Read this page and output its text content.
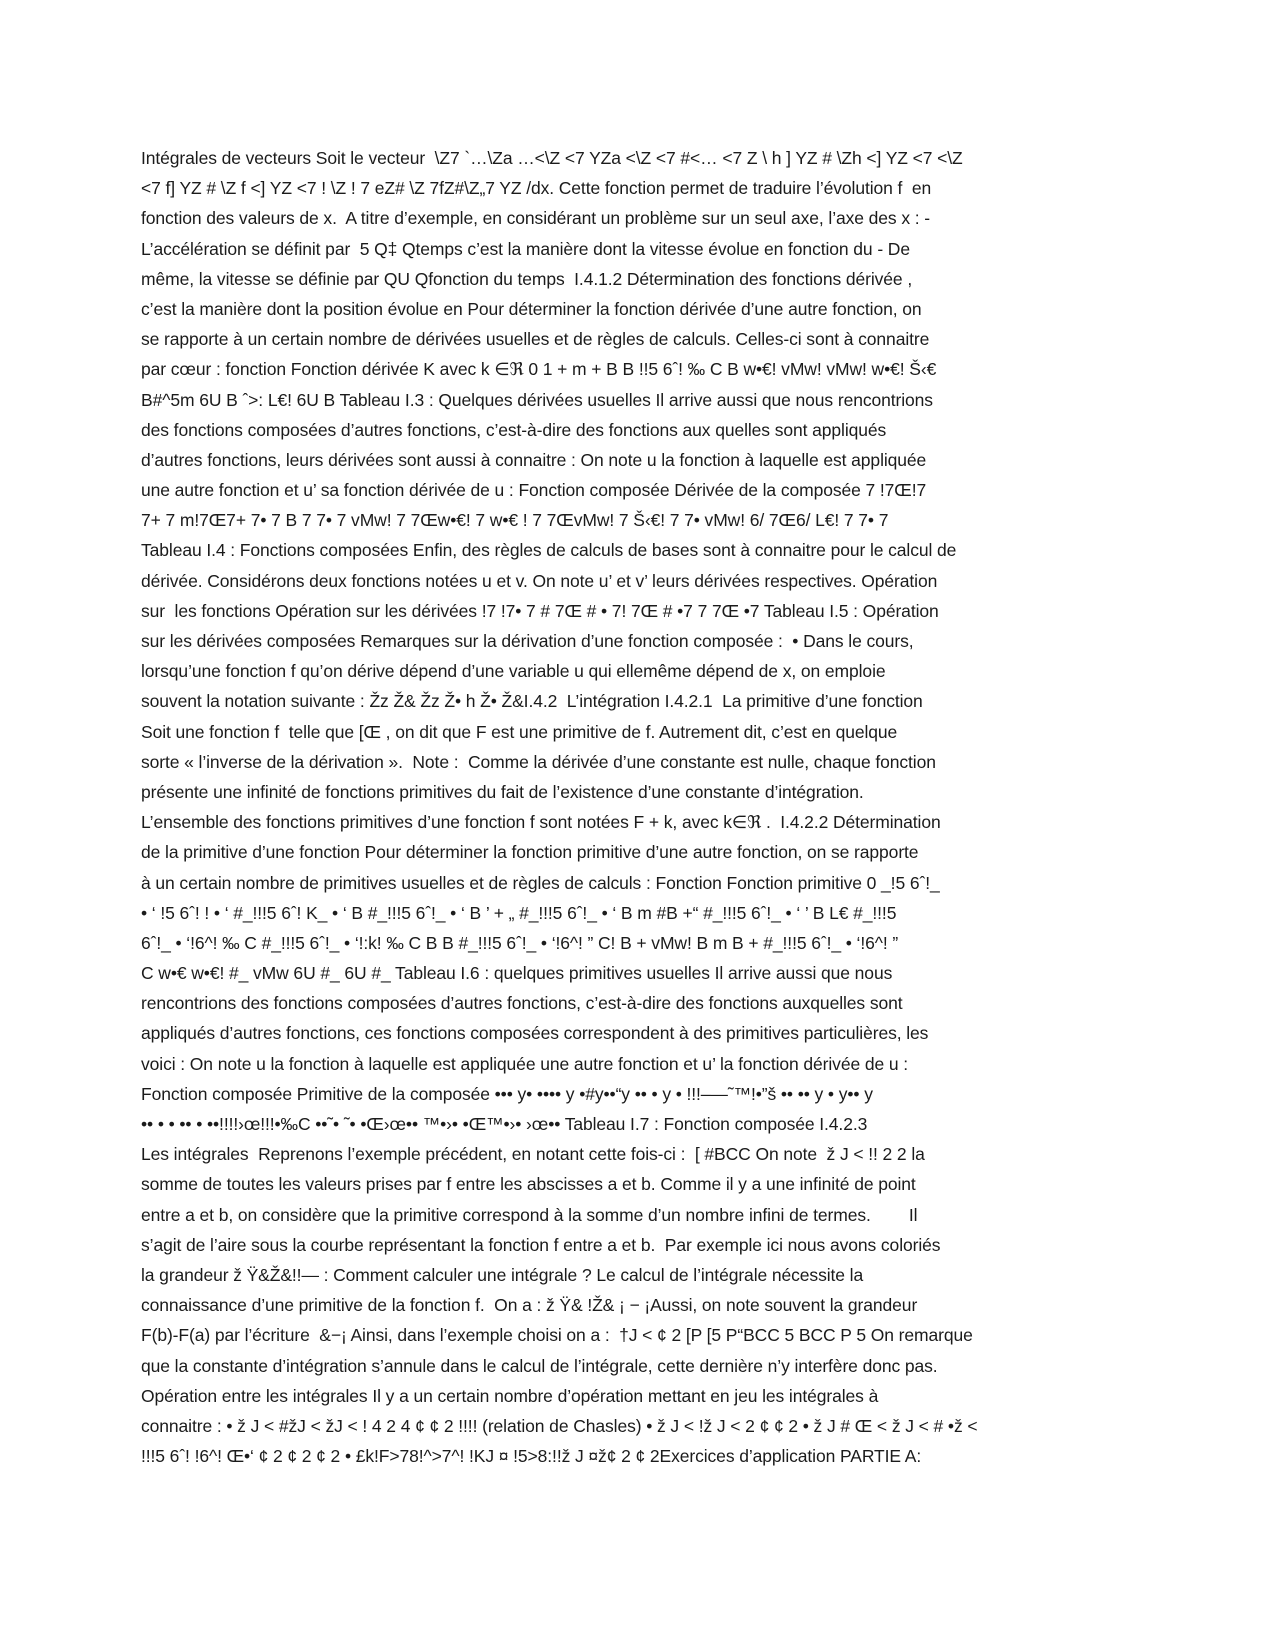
Intégrales de vecteurs Soit le vecteur  \Z7 `…\Za …<\Z <7 YZa <\Z <7 #<… <7 Z \ h ] YZ # \Zh <] YZ <7 <\Z
<7 f] YZ # \Z f <] YZ <7 ! \Z ! 7 eZ# \Z 7fZ#\Z„7 YZ /dx. Cette fonction permet de traduire l’évolution f  en
fonction des valeurs de x.  A titre d’exemple, en considérant un problème sur un seul axe, l’axe des x : -
L’accélération se définit par  5 Q‡ Qtemps c’est la manière dont la vitesse évolue en fonction du - De
même, la vitesse se définie par QU Qfonction du temps  I.4.1.2 Détermination des fonctions dérivée ,
c’est la manière dont la position évolue en Pour déterminer la fonction dérivée d’une autre fonction, on
se rapporte à un certain nombre de dérivées usuelles et de règles de calculs. Celles-ci sont à connaitre
par cœur : fonction Fonction dérivée K avec k ∈ℜ 0 1 + m + B B !!5 6ˆ! ‰ C B w•€! vMw! vMw! w•€! Š‹€
B#^5m 6U B ˆ>: L€! 6U B Tableau I.3 : Quelques dérivées usuelles Il arrive aussi que nous rencontrions
des fonctions composées d’autres fonctions, c’est-à-dire des fonctions aux quelles sont appliqués
d’autres fonctions, leurs dérivées sont aussi à connaitre : On note u la fonction à laquelle est appliquée
une autre fonction et u’ sa fonction dérivée de u : Fonction composée Dérivée de la composée 7 !7Œ!7
7+ 7 m!7Œ7+ 7• 7 B 7 7• 7 vMw! 7 7Œw•€! 7 w•€ ! 7 7ŒvMw! 7 Š‹€! 7 7• vMw! 6/ 7Œ6/ L€! 7 7• 7
Tableau I.4 : Fonctions composées Enfin, des règles de calculs de bases sont à connaitre pour le calcul de
dérivée. Considérons deux fonctions notées u et v. On note u’ et v’ leurs dérivées respectives. Opération
sur  les fonctions Opération sur les dérivées !7 !7• 7 # 7Œ # • 7! 7Œ # •7 7 7Œ •7 Tableau I.5 : Opération
sur les dérivées composées Remarques sur la dérivation d’une fonction composée :  • Dans le cours,
lorsqu’une fonction f qu’on dérive dépend d’une variable u qui ellemême dépend de x, on emploie
souvent la notation suivante : Žz Ž& Žz Ž• h Ž• Ž&I.4.2  L’intégration I.4.2.1  La primitive d’une fonction
Soit une fonction f  telle que [Œ , on dit que F est une primitive de f. Autrement dit, c’est en quelque
sorte « l’inverse de la dérivation ».  Note :  Comme la dérivée d’une constante est nulle, chaque fonction
présente une infinité de fonctions primitives du fait de l’existence d’une constante d’intégration.
L’ensemble des fonctions primitives d’une fonction f sont notées F + k, avec k∈ℜ .  I.4.2.2 Détermination
de la primitive d’une fonction Pour déterminer la fonction primitive d’une autre fonction, on se rapporte
à un certain nombre de primitives usuelles et de règles de calculs : Fonction Fonction primitive 0 _!5 6ˆ!_
• ‘ !5 6ˆ! ! • ‘ #_!!!5 6ˆ! K_ • ‘ B #_!!!5 6ˆ!_ • ‘ B ’ + „ #_!!!5 6ˆ!_ • ‘ B m #B +“ #_!!!5 6ˆ!_ • ‘ ’ B L€ #_!!!5
6ˆ!_ • ‘!6^! ‰ C #_!!!5 6ˆ!_ • ‘!:k! ‰ C B B #_!!!5 6ˆ!_ • ‘!6^! ” C! B + vMw! B m B + #_!!!5 6ˆ!_ • ‘!6^! ”
C w•€ w•€! #_ vMw 6U #_ 6U #_ Tableau I.6 : quelques primitives usuelles Il arrive aussi que nous
rencontrions des fonctions composées d’autres fonctions, c’est-à-dire des fonctions auxquelles sont
appliqués d’autres fonctions, ces fonctions composées correspondent à des primitives particulières, les
voici : On note u la fonction à laquelle est appliquée une autre fonction et u’ la fonction dérivée de u :
Fonction composée Primitive de la composée ••• y• •••• y •#y••“y •• • y • !!!–—˜™!•”š •• •• y • y•• y
•• • • •• • ••!!!!›œ!!!•‰C ••˜• ˜• •Œ›œ•• ™•›• •Œ™•›• ›œ•• Tableau I.7 : Fonction composée I.4.2.3
Les intégrales  Reprenons l’exemple précédent, en notant cette fois-ci :  [ #BCC On note  ž J < !! 2 2 la
somme de toutes les valeurs prises par f entre les abscisses a et b. Comme il y a une infinité de point
entre a et b, on considère que la primitive correspond à la somme d’un nombre infini de termes.        Il
s’agit de l’aire sous la courbe représentant la fonction f entre a et b.  Par exemple ici nous avons coloriés
la grandeur ž Ÿ&Ž&!!— : Comment calculer une intégrale ? Le calcul de l’intégrale nécessite la
connaissance d’une primitive de la fonction f.  On a : ž Ÿ& !Ž& ¡ − ¡Aussi, on note souvent la grandeur
F(b)-F(a) par l’écriture  &−¡ Ainsi, dans l’exemple choisi on a :  †J < ¢ 2 [P [5 P“BCC 5 BCC P 5 On remarque
que la constante d’intégration s’annule dans le calcul de l’intégrale, cette dernière n’y interfère donc pas.
Opération entre les intégrales Il y a un certain nombre d’opération mettant en jeu les intégrales à
connaitre : • ž J < #žJ < žJ < ! 4 2 4 ¢ ¢ 2 !!!! (relation de Chasles) • ž J < !ž J < 2 ¢ ¢ 2 • ž J # Œ < ž J < # •ž <
!!!5 6ˆ! !6^! Œ•‘ ¢ 2 ¢ 2 ¢ 2 • £k!F>78!^>7^! !KJ ¤ !5>8:!!ž J ¤ž¢ 2 ¢ 2Exercices d’application PARTIE A:
